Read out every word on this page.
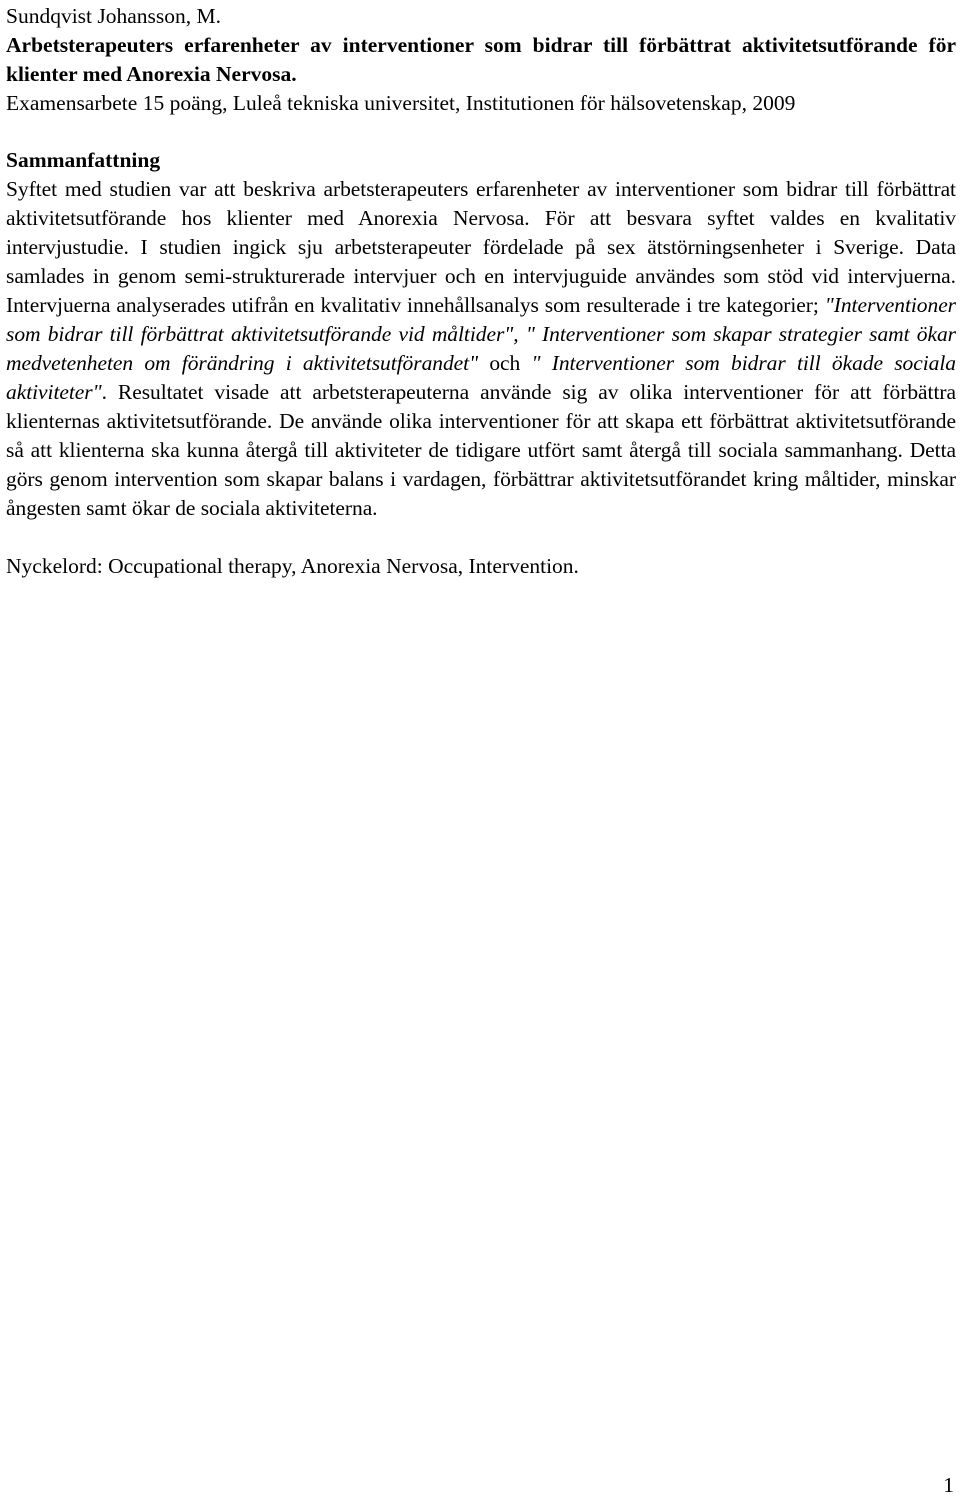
Sundqvist Johansson, M.

Arbetsterapeuters erfarenheter av interventioner som bidrar till förbättrat aktivitetsutförande för klienter med Anorexia Nervosa.

Examensarbete 15 poäng, Luleå tekniska universitet, Institutionen för hälsovetenskap, 2009

Sammanfattning

Syftet med studien var att beskriva arbetsterapeuters erfarenheter av interventioner som bidrar till förbättrat aktivitetsutförande hos klienter med Anorexia Nervosa. För att besvara syftet valdes en kvalitativ intervjustudie. I studien ingick sju arbetsterapeuter fördelade på sex ätstörningsenheter i Sverige. Data samlades in genom semi-strukturerade intervjuer och en intervjuguide användes som stöd vid intervjuerna. Intervjuerna analyserades utifrån en kvalitativ innehållsanalys som resulterade i tre kategorier; "Interventioner som bidrar till förbättrat aktivitetsutförande vid måltider", " Interventioner som skapar strategier samt ökar medvetenheten om förändring i aktivitetsutförandet" och " Interventioner som bidrar till ökade sociala aktiviteter". Resultatet visade att arbetsterapeuterna använde sig av olika interventioner för att förbättra klienternas aktivitetsutförande. De använde olika interventioner för att skapa ett förbättrat aktivitetsutförande så att klienterna ska kunna återgå till aktiviteter de tidigare utfört samt återgå till sociala sammanhang. Detta görs genom intervention som skapar balans i vardagen, förbättrar aktivitetsutförandet kring måltider, minskar ångesten samt ökar de sociala aktiviteterna.

Nyckelord: Occupational therapy, Anorexia Nervosa, Intervention.

1
